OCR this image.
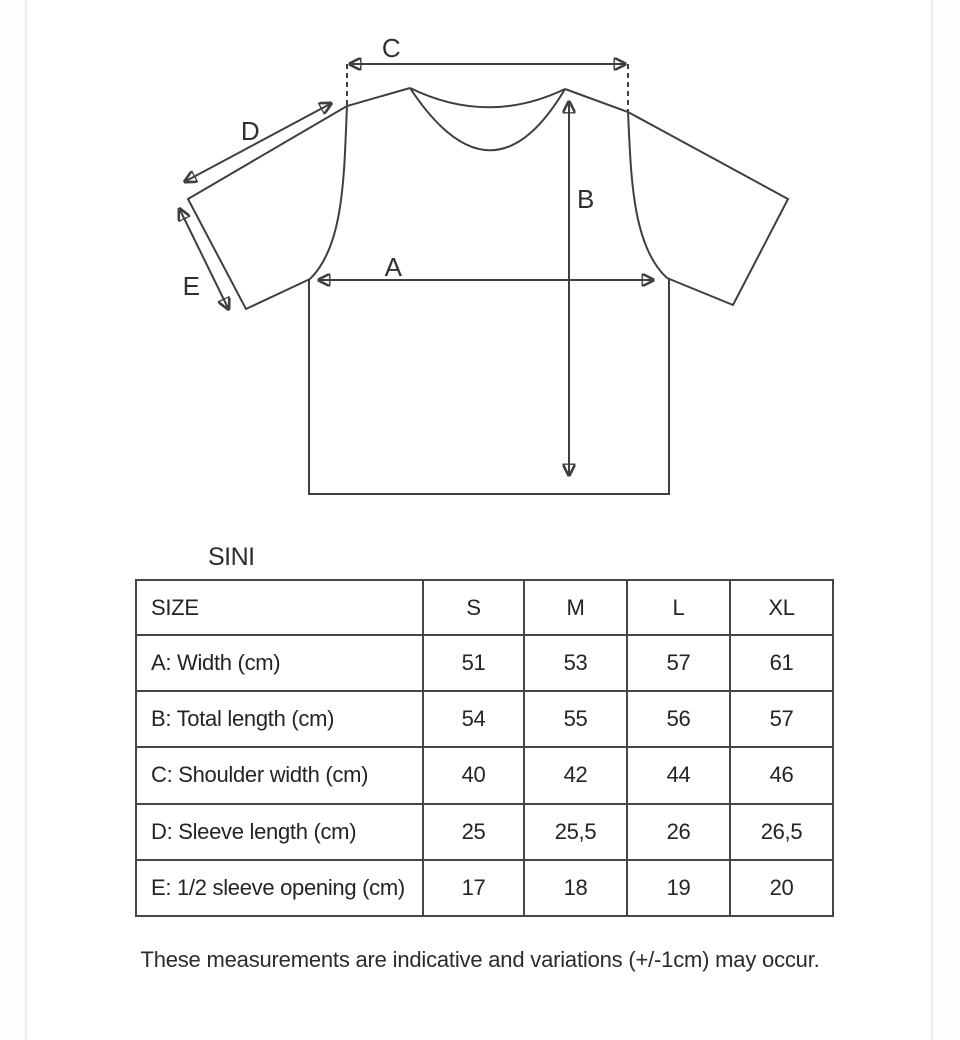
C
D
E
B
A
SINI
SIZE	S	M	L	XL
A: Width (cm)	51	53	57	61
B: Total length (cm)	54	55	56	57
C: Shoulder width (cm)	40	42	44	46
D: Sleeve length (cm)	25	25,5	26	26,5
E: 1/2 sleeve opening (cm)	17	18	19	20
These measurements are indicative and variations (+/-1cm) may occur.
